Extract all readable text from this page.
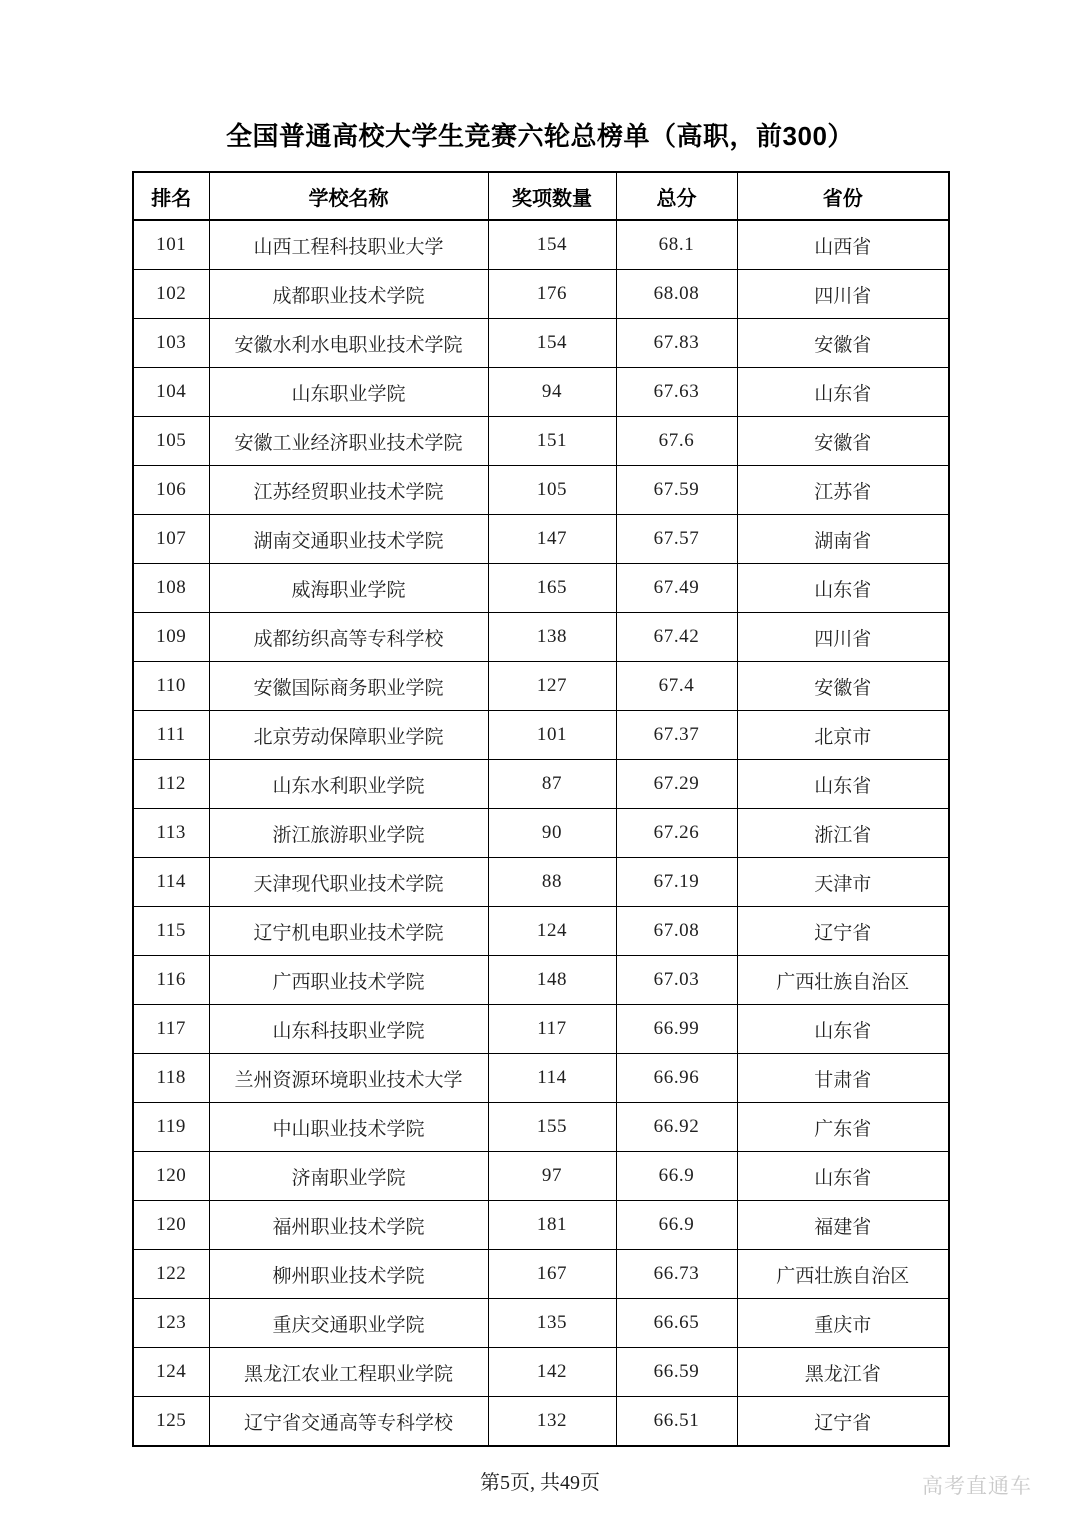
全国普通高校大学生竞赛六轮总榜单（高职，前300）
排名	学校名称	奖项数量	总分	省份
101	山西工程科技职业大学	154	68.1	山西省
102	成都职业技术学院	176	68.08	四川省
103	安徽水利水电职业技术学院	154	67.83	安徽省
104	山东职业学院	94	67.63	山东省
105	安徽工业经济职业技术学院	151	67.6	安徽省
106	江苏经贸职业技术学院	105	67.59	江苏省
107	湖南交通职业技术学院	147	67.57	湖南省
108	威海职业学院	165	67.49	山东省
109	成都纺织高等专科学校	138	67.42	四川省
110	安徽国际商务职业学院	127	67.4	安徽省
111	北京劳动保障职业学院	101	67.37	北京市
112	山东水利职业学院	87	67.29	山东省
113	浙江旅游职业学院	90	67.26	浙江省
114	天津现代职业技术学院	88	67.19	天津市
115	辽宁机电职业技术学院	124	67.08	辽宁省
116	广西职业技术学院	148	67.03	广西壮族自治区
117	山东科技职业学院	117	66.99	山东省
118	兰州资源环境职业技术大学	114	66.96	甘肃省
119	中山职业技术学院	155	66.92	广东省
120	济南职业学院	97	66.9	山东省
120	福州职业技术学院	181	66.9	福建省
122	柳州职业技术学院	167	66.73	广西壮族自治区
123	重庆交通职业学院	135	66.65	重庆市
124	黑龙江农业工程职业学院	142	66.59	黑龙江省
125	辽宁省交通高等专科学校	132	66.51	辽宁省
第5页, 共49页	高考直通车
